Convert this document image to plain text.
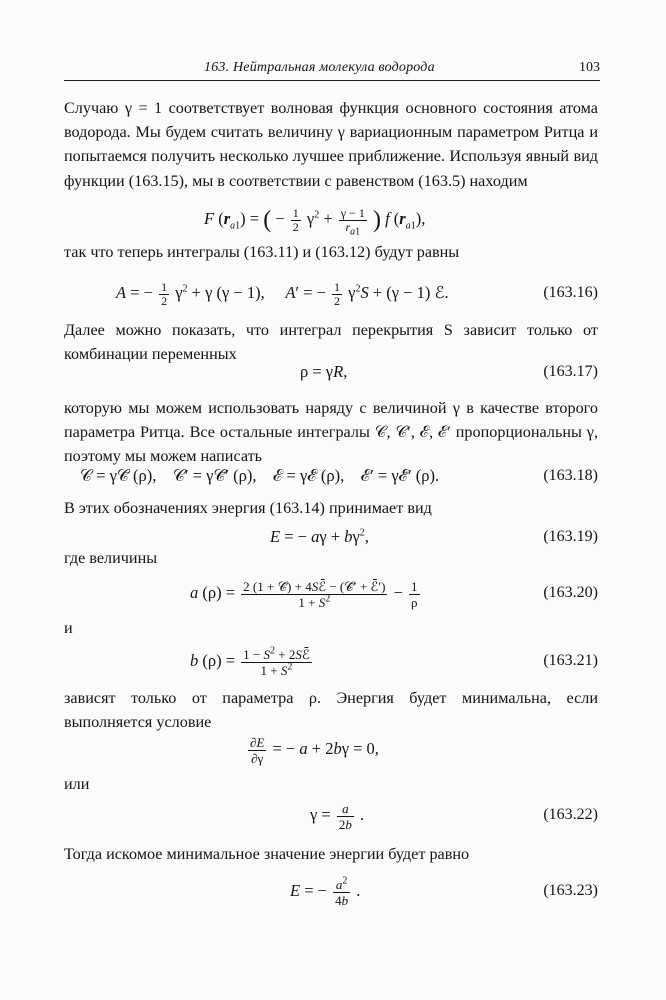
163. Нейтральная молекула водорода	103
Случаю γ = 1 соответствует волновая функция основного состояния атома водорода. Мы будем считать величину γ вариационным параметром Ритца и попытаемся получить несколько лучшее приближение. Используя явный вид функции (163.15), мы в соответствии с равенством (163.5) находим
F $(r_{a1})$ = ( − $\frac{1}{2} \gamma^2 + \frac{\gamma - 1}{r_{a1}}$ ) f $(r_{a1})$,
так что теперь интегралы (163.11) и (163.12) будут равны
A = − $\frac{1}{2} \gamma^2 + \gamma$ (γ − 1),     A′ = − $\frac{1}{2} \gamma^2S + (\gamma - 1)$ ℰ.	(163.16)
Далее можно показать, что интеграл перекрытия S зависит только от комбинации переменных
ρ = γR,	(163.17)
которую мы можем использовать наряду с величиной γ в качестве второго параметра Ритца. Все остальные интегралы 𝒞, 𝒞′, ℰ, ℰ′ пропорциональны γ, поэтому мы можем написать
𝒞 = γ𝒞̄ (ρ),    𝒞′ = γ𝒞̄′ (ρ),    ℰ = γℰ̄ (ρ),    ℰ′ = γℰ̄′ (ρ).	(163.18)
В этих обозначениях энергия (163.14) принимает вид
E = − $a\gamma + b\gamma^2$,	(163.19)
где величины
a $(\rho) = \frac{\text{2 (1 + 𝒞̄) + 4Sℰ̄ − (𝒞̄′ + ℰ̄′)}}{1 + S^2} - \frac{1}{\rho}$	(163.20)
и
b $(\rho) = \frac{1 - S^2 + 2Sℰ̄}{1 + S^2}$	(163.21)
зависят только от параметра ρ. Энергия будет минимальна, если выполняется условие
$\frac{\partial E}{\partial\gamma}$ = − a + 2bγ = 0,
или
$\gamma = \frac{a}{2b}$ .	(163.22)
Тогда искомое минимальное значение энергии будет равно
E = − $\frac{a^2}{4b}$ .	(163.23)
